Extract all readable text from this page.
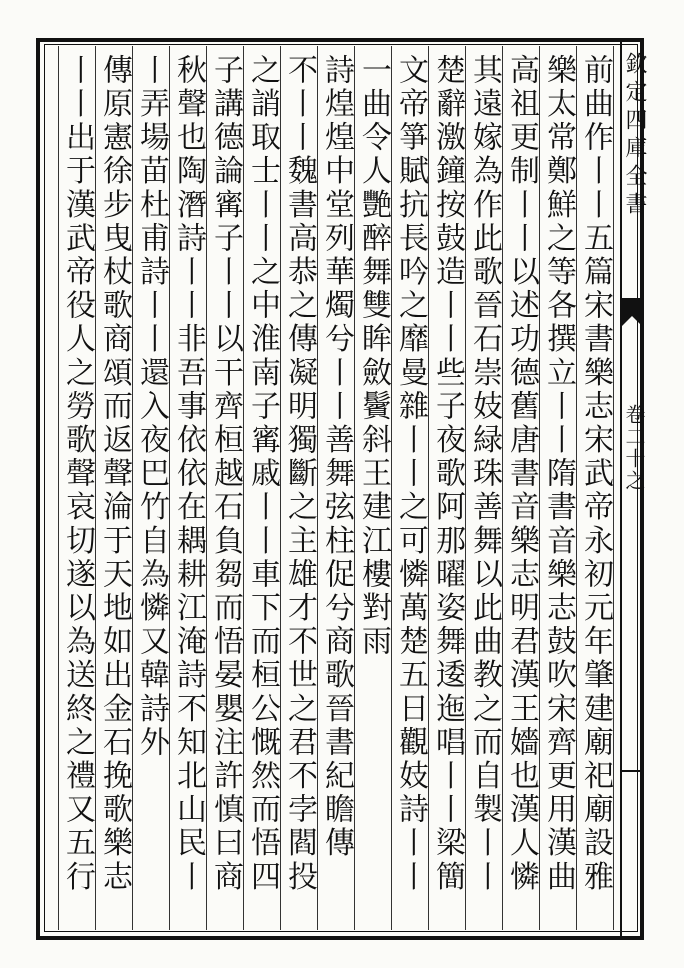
欽定四庫全書
卷二十之
前曲作丨丨五篇宋書樂志宋武帝永初元年肇建廟祀廟設雅
樂太常鄭鮮之等各撰立丨丨隋書音樂志鼓吹宋齊更用漢曲
高祖更制丨丨以述功德舊唐書音樂志明君漢王嬙也漢人憐
其遠嫁為作此歌晉石崇妓緑珠善舞以此曲教之而自製丨丨
楚辭激鐘按鼓造丨丨些子夜歌阿那曜姿舞逶迤唱丨丨梁簡
文帝箏賦抗長吟之靡曼雜丨丨之可憐萬楚五日觀妓詩丨丨
一曲令人艷醉舞雙眸斂鬢斜王建江樓對雨
詩煌煌中堂列華燭兮丨丨善舞弦柱促兮商歌晉書紀瞻傳
不丨丨魏書高恭之傳凝明獨斷之主雄才不世之君不孛閻投
之誚取士丨丨之中淮南子寗戚丨丨車下而桓公慨然而悟四
子講德論寗子丨丨以干齊桓越石負芻而悟晏嬰注許慎曰商
秋聲也陶潛詩丨丨非吾事依依在耦耕江淹詩不知北山民丨
丨弄場苗杜甫詩丨丨還入夜巴竹自為憐又韓詩外
傳原憲徐步曳杖歌商頌而返聲淪于天地如出金石挽歌樂志
丨丨出于漢武帝役人之勞歌聲哀切遂以為送終之禮又五行
